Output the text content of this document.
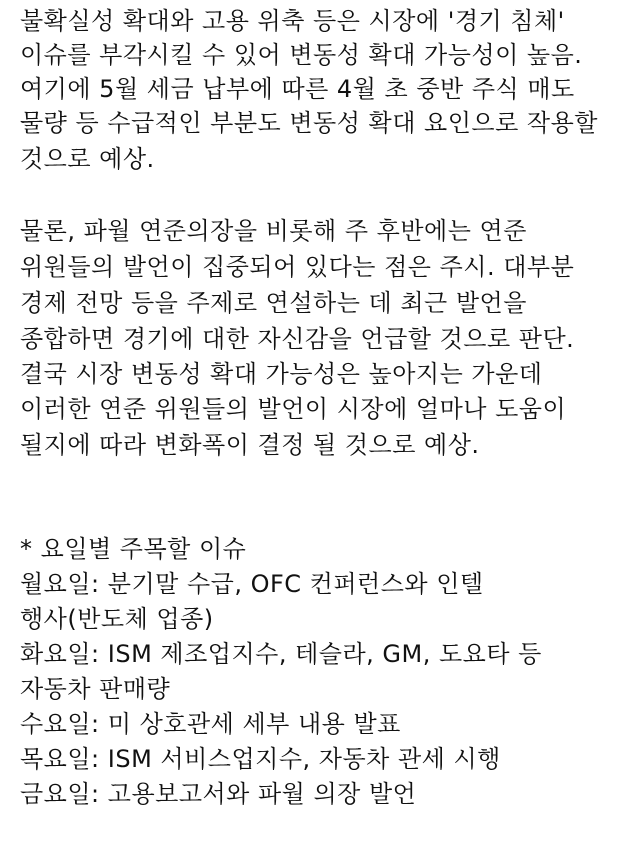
불확실성 확대와 고용 위축 등은 시장에 '경기 침체'
이슈를 부각시킬 수 있어 변동성 확대 가능성이 높음.
여기에 5월 세금 납부에 따른 4월 초 중반 주식 매도
물량 등 수급적인 부분도 변동성 확대 요인으로 작용할
것으로 예상.
물론, 파월 연준의장을 비롯해 주 후반에는 연준
위원들의 발언이 집중되어 있다는 점은 주시. 대부분
경제 전망 등을 주제로 연설하는 데 최근 발언을
종합하면 경기에 대한 자신감을 언급할 것으로 판단.
결국 시장 변동성 확대 가능성은 높아지는 가운데
이러한 연준 위원들의 발언이 시장에 얼마나 도움이
될지에 따라 변화폭이 결정 될 것으로 예상.
* 요일별 주목할 이슈
월요일: 분기말 수급, OFC 컨퍼런스와 인텔
행사(반도체 업종)
화요일: ISM 제조업지수, 테슬라, GM, 도요타 등
자동차 판매량
수요일: 미 상호관세 세부 내용 발표
목요일: ISM 서비스업지수, 자동차 관세 시행
금요일: 고용보고서와 파월 의장 발언
